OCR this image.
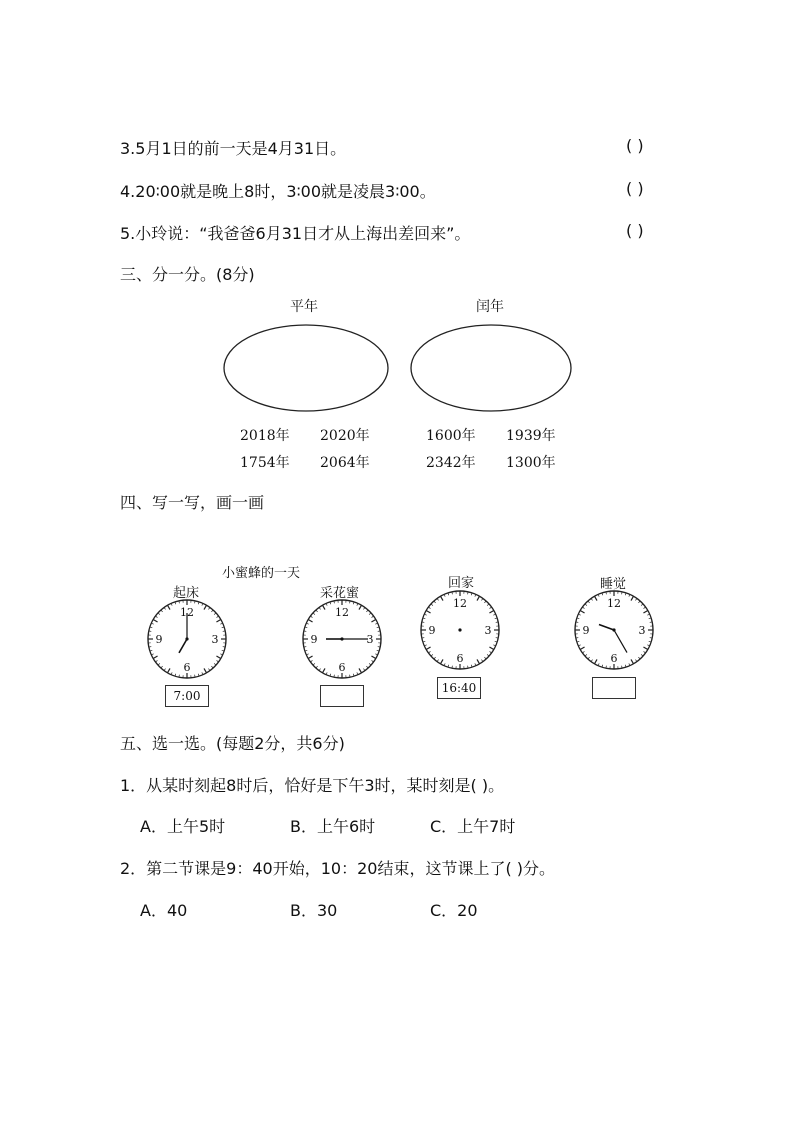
3.5月1日的前一天是4月31日。	( )
4.20∶00就是晚上8时，3∶00就是凌晨3∶00。	( )
5.小玲说：“我爸爸6月31日才从上海出差回来”。	( )
三、分一分。(8分)
平年	闰年
2018年 2020年
1754年 2064年
1600年 1939年
2342年 1300年
四、写一写，画一画
小蜜蜂的一天
起床	采花蜜
回家	睡觉
12
3
6
9
12
3
6
9
12
3
6
9
12
3
6
9
7:00
16:40
五、选一选。(每题2分，共6分)
1．从某时刻起8时后，恰好是下午3时，某时刻是( )。
A．上午5时	B．上午6时	C．上午7时
2．第二节课是9：40开始，10：20结束，这节课上了( )分。
A．40	B．30	C．20
